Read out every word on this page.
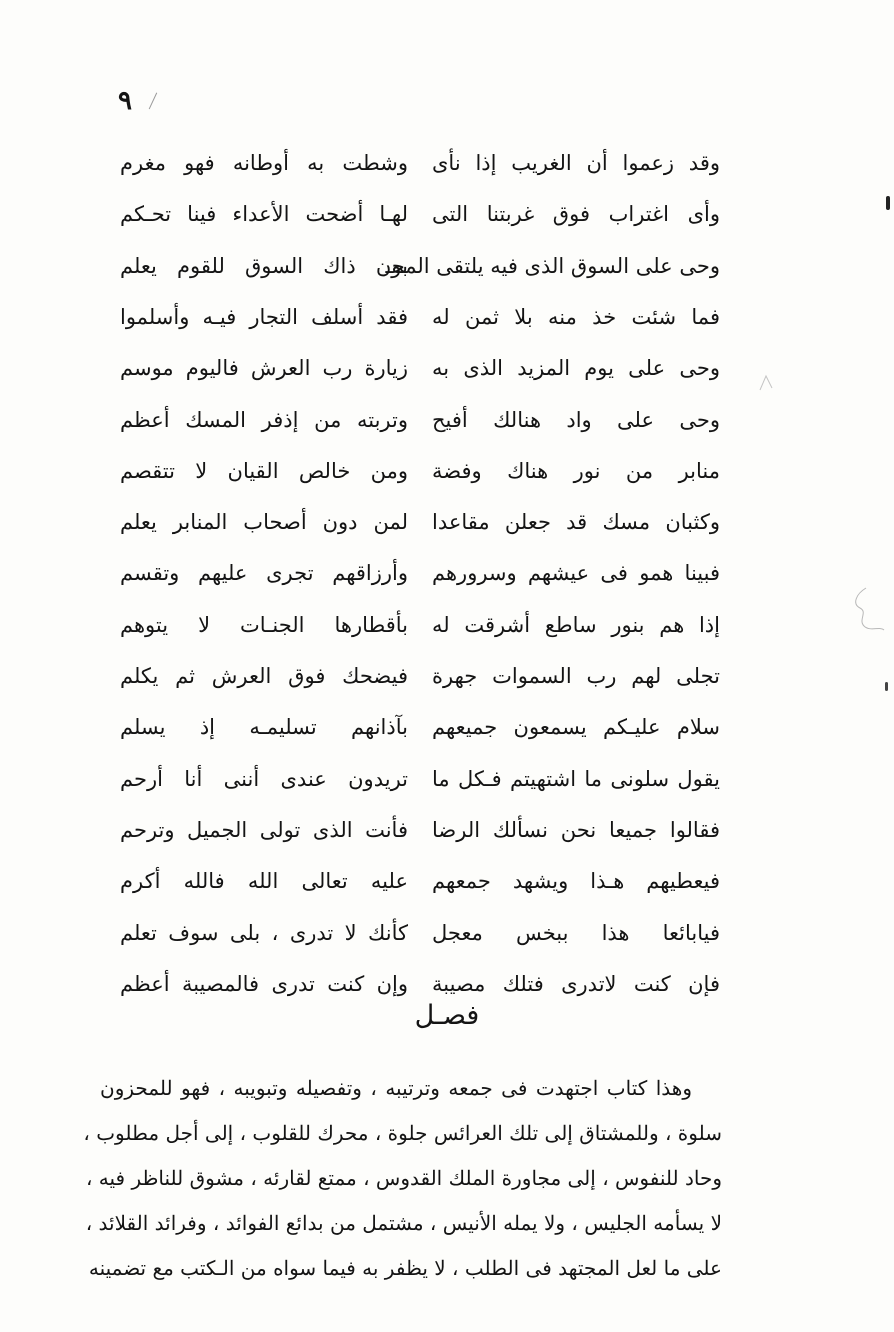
٩
وقد زعموا أن الغريب إذا نأى
وشطت به أوطانه فهو مغرم
وأى اغتراب فوق غربتنا التى
لهـا أضحت الأعداء فينا تحـكم
وحى على السوق الذى فيه يلتقى المحـ
بون ذاك السوق للقوم يعلم
فما شئت خذ منه بلا ثمن له
فقد أسلف التجار فيـه وأسلموا
وحى على يوم المزيد الذى به
زيارة رب العرش فاليوم موسم
وحى على واد هنالك أفيح
وتربته من إذفر المسك أعظم
منابر من نور هناك وفضة
ومن خالص القيان لا تتقصم
وكثبان مسك قد جعلن مقاعدا
لمن دون أصحاب المنابر يعلم
فبينا همو فى عيشهم وسرورهم
وأرزاقهم تجرى عليهم وتقسم
إذا هم بنور ساطع أشرقت له
بأقطارها الجنـات لا يتوهم
تجلى لهم رب السموات جهرة
فيضحك فوق العرش ثم يكلم
سلام عليـكم يسمعون جميعهم
بآذانهم تسليمـه إذ يسلم
يقول سلونى ما اشتهيتم فـكل ما
تريدون عندى أننى أنا أرحم
فقالوا جميعا نحن نسألك الرضا
فأنت الذى تولى الجميل وترحم
فيعطيهم هـذا ويشهد جمعهم
عليه تعالى الله فالله أكرم
فيابائعا هذا ببخس معجل
كأنك لا تدرى ، بلى سوف تعلم
فإن كنت لاتدرى فتلك مصيبة
وإن كنت تدرى فالمصيبة أعظم
فصـل
وهذا كتاب اجتهدت فى جمعه وترتيبه ، وتفصيله وتبويبه ، فهو للمحزون
سلوة ، وللمشتاق إلى تلك العرائس جلوة ، محرك للقلوب ، إلى أجل مطلوب ،
وحاد للنفوس ، إلى مجاورة الملك القدوس ، ممتع لقارئه ، مشوق للناظر فيه ،
لا يسأمه الجليس ، ولا يمله الأنيس ، مشتمل من بدائع الفوائد ، وفرائد القلائد ،
على ما لعل المجتهد فى الطلب ، لا يظفر به فيما سواه من الـكتب مع تضمينه
